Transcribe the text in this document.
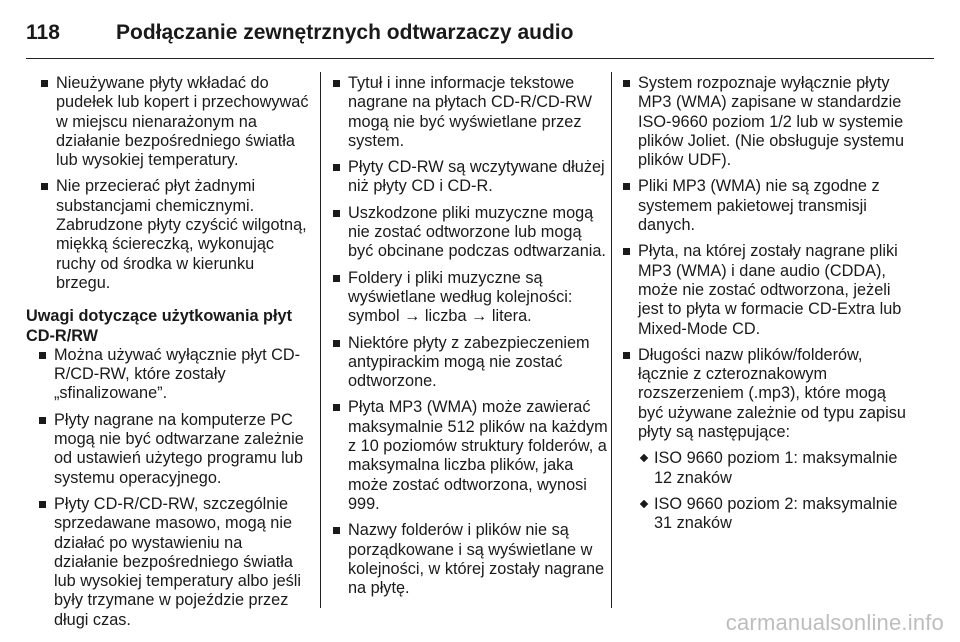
118	Podłączanie zewnętrznych odtwarzaczy audio
Nieużywane płyty wkładać do pudełek lub kopert i przechowywać w miejscu nienarażonym na działanie bezpośredniego światła lub wysokiej temperatury.
Nie przecierać płyt żadnymi substancjami chemicznymi. Zabrudzone płyty czyścić wilgotną, miękką ściereczką, wykonując ruchy od środka w kierunku brzegu.
Uwagi dotyczące użytkowania płyt CD-R/RW
Można używać wyłącznie płyt CD-R/CD-RW, które zostały „sfinalizowane”.
Płyty nagrane na komputerze PC mogą nie być odtwarzane zależnie od ustawień użytego programu lub systemu operacyjnego.
Płyty CD-R/CD-RW, szczególnie sprzedawane masowo, mogą nie działać po wystawieniu na działanie bezpośredniego światła lub wysokiej temperatury albo jeśli były trzymane w pojeździe przez długi czas.
Tytuł i inne informacje tekstowe nagrane na płytach CD-R/CD-RW mogą nie być wyświetlane przez system.
Płyty CD-RW są wczytywane dłużej niż płyty CD i CD-R.
Uszkodzone pliki muzyczne mogą nie zostać odtworzone lub mogą być obcinane podczas odtwarzania.
Foldery i pliki muzyczne są wyświetlane według kolejności: symbol → liczba → litera.
Niektóre płyty z zabezpieczeniem antypirackim mogą nie zostać odtworzone.
Płyta MP3 (WMA) może zawierać maksymalnie 512 plików na każdym z 10 poziomów struktury folderów, a maksymalna liczba plików, jaka może zostać odtworzona, wynosi 999.
Nazwy folderów i plików nie są porządkowane i są wyświetlane w kolejności, w której zostały nagrane na płytę.
System rozpoznaje wyłącznie płyty MP3 (WMA) zapisane w standardzie ISO-9660 poziom 1/2 lub w systemie plików Joliet. (Nie obsługuje systemu plików UDF).
Pliki MP3 (WMA) nie są zgodne z systemem pakietowej transmisji danych.
Płyta, na której zostały nagrane pliki MP3 (WMA) i dane audio (CDDA), może nie zostać odtworzona, jeżeli jest to płyta w formacie CD-Extra lub Mixed-Mode CD.
Długości nazw plików/folderów, łącznie z czteroznakowym rozszerzeniem (.mp3), które mogą być używane zależnie od typu zapisu płyty są następujące:
ISO 9660 poziom 1: maksymalnie 12 znaków
ISO 9660 poziom 2: maksymalnie 31 znaków
carmanualsonline.info
